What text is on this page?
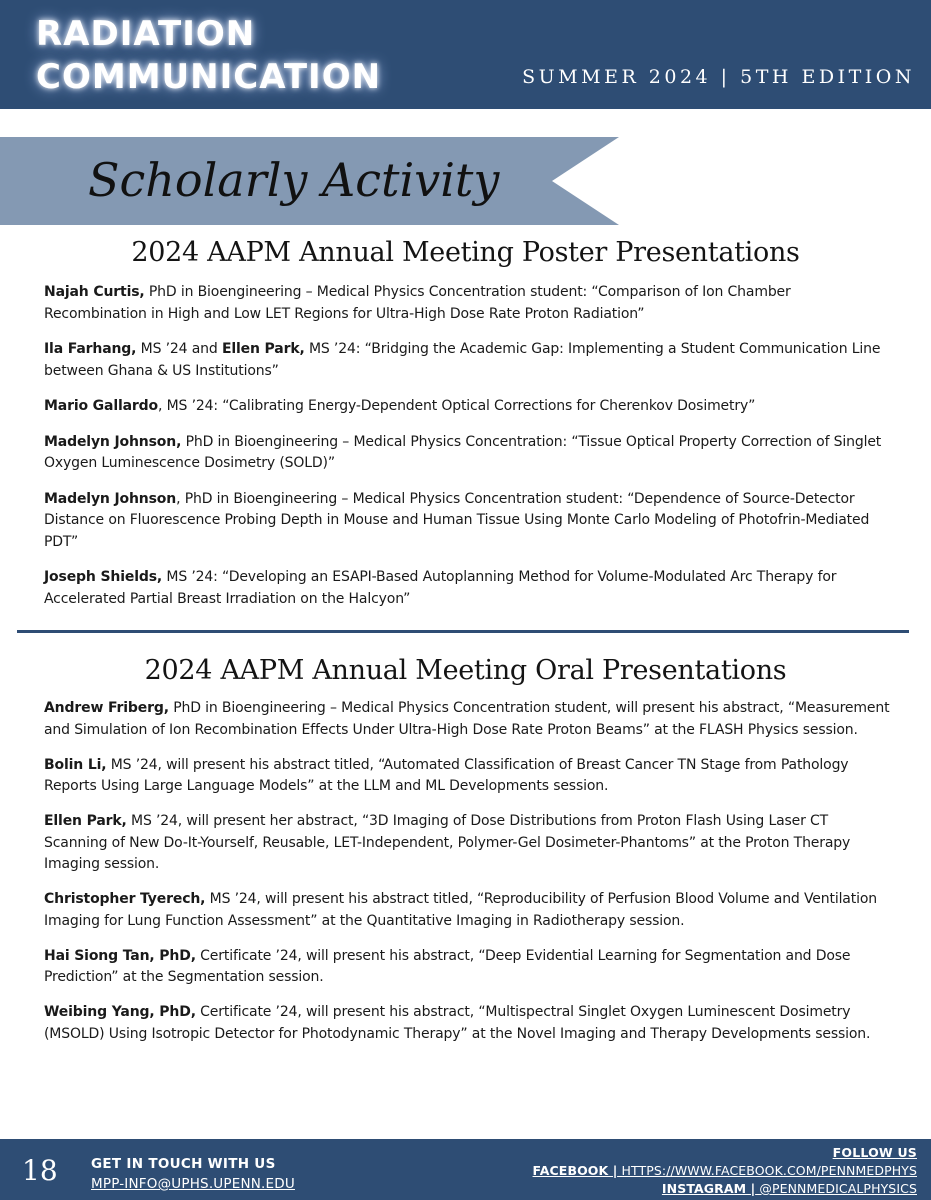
RADIATION
COMMUNICATION	SUMMER 2024 | 5TH EDITION
Scholarly Activity
2024 AAPM Annual Meeting Poster Presentations
Najah Curtis, PhD in Bioengineering – Medical Physics Concentration student: “Comparison of Ion Chamber Recombination in High and Low LET Regions for Ultra-High Dose Rate Proton Radiation”
Ila Farhang, MS ’24 and Ellen Park, MS ’24: “Bridging the Academic Gap: Implementing a Student Communication Line between Ghana & US Institutions”
Mario Gallardo, MS ’24: “Calibrating Energy-Dependent Optical Corrections for Cherenkov Dosimetry”
Madelyn Johnson, PhD in Bioengineering – Medical Physics Concentration: “Tissue Optical Property Correction of Singlet Oxygen Luminescence Dosimetry (SOLD)”
Madelyn Johnson, PhD in Bioengineering – Medical Physics Concentration student: “Dependence of Source-Detector Distance on Fluorescence Probing Depth in Mouse and Human Tissue Using Monte Carlo Modeling of Photofrin-Mediated PDT”
Joseph Shields, MS ’24: “Developing an ESAPI-Based Autoplanning Method for Volume-Modulated Arc Therapy for Accelerated Partial Breast Irradiation on the Halcyon”
2024 AAPM Annual Meeting Oral Presentations
Andrew Friberg, PhD in Bioengineering – Medical Physics Concentration student, will present his abstract, “Measurement and Simulation of Ion Recombination Effects Under Ultra-High Dose Rate Proton Beams” at the FLASH Physics session.
Bolin Li, MS ’24, will present his abstract titled, “Automated Classification of Breast Cancer TN Stage from Pathology Reports Using Large Language Models” at the LLM and ML Developments session.
Ellen Park, MS ’24, will present her abstract, “3D Imaging of Dose Distributions from Proton Flash Using Laser CT Scanning of New Do-It-Yourself, Reusable, LET-Independent, Polymer-Gel Dosimeter-Phantoms” at the Proton Therapy Imaging session.
Christopher Tyerech, MS ’24, will present his abstract titled, “Reproducibility of Perfusion Blood Volume and Ventilation Imaging for Lung Function Assessment” at the Quantitative Imaging in Radiotherapy session.
Hai Siong Tan, PhD, Certificate ’24, will present his abstract, “Deep Evidential Learning for Segmentation and Dose Prediction” at the Segmentation session.
Weibing Yang, PhD, Certificate ’24, will present his abstract, “Multispectral Singlet Oxygen Luminescent Dosimetry (MSOLD) Using Isotropic Detector for Photodynamic Therapy” at the Novel Imaging and Therapy Developments session.
18 GET IN TOUCH WITH US
MPP-INFO@UPHS.UPENN.EDU
FOLLOW US
FACEBOOK | HTTPS://WWW.FACEBOOK.COM/PENNMEDPHYS
INSTAGRAM | @PENNMEDICALPHYSICS
